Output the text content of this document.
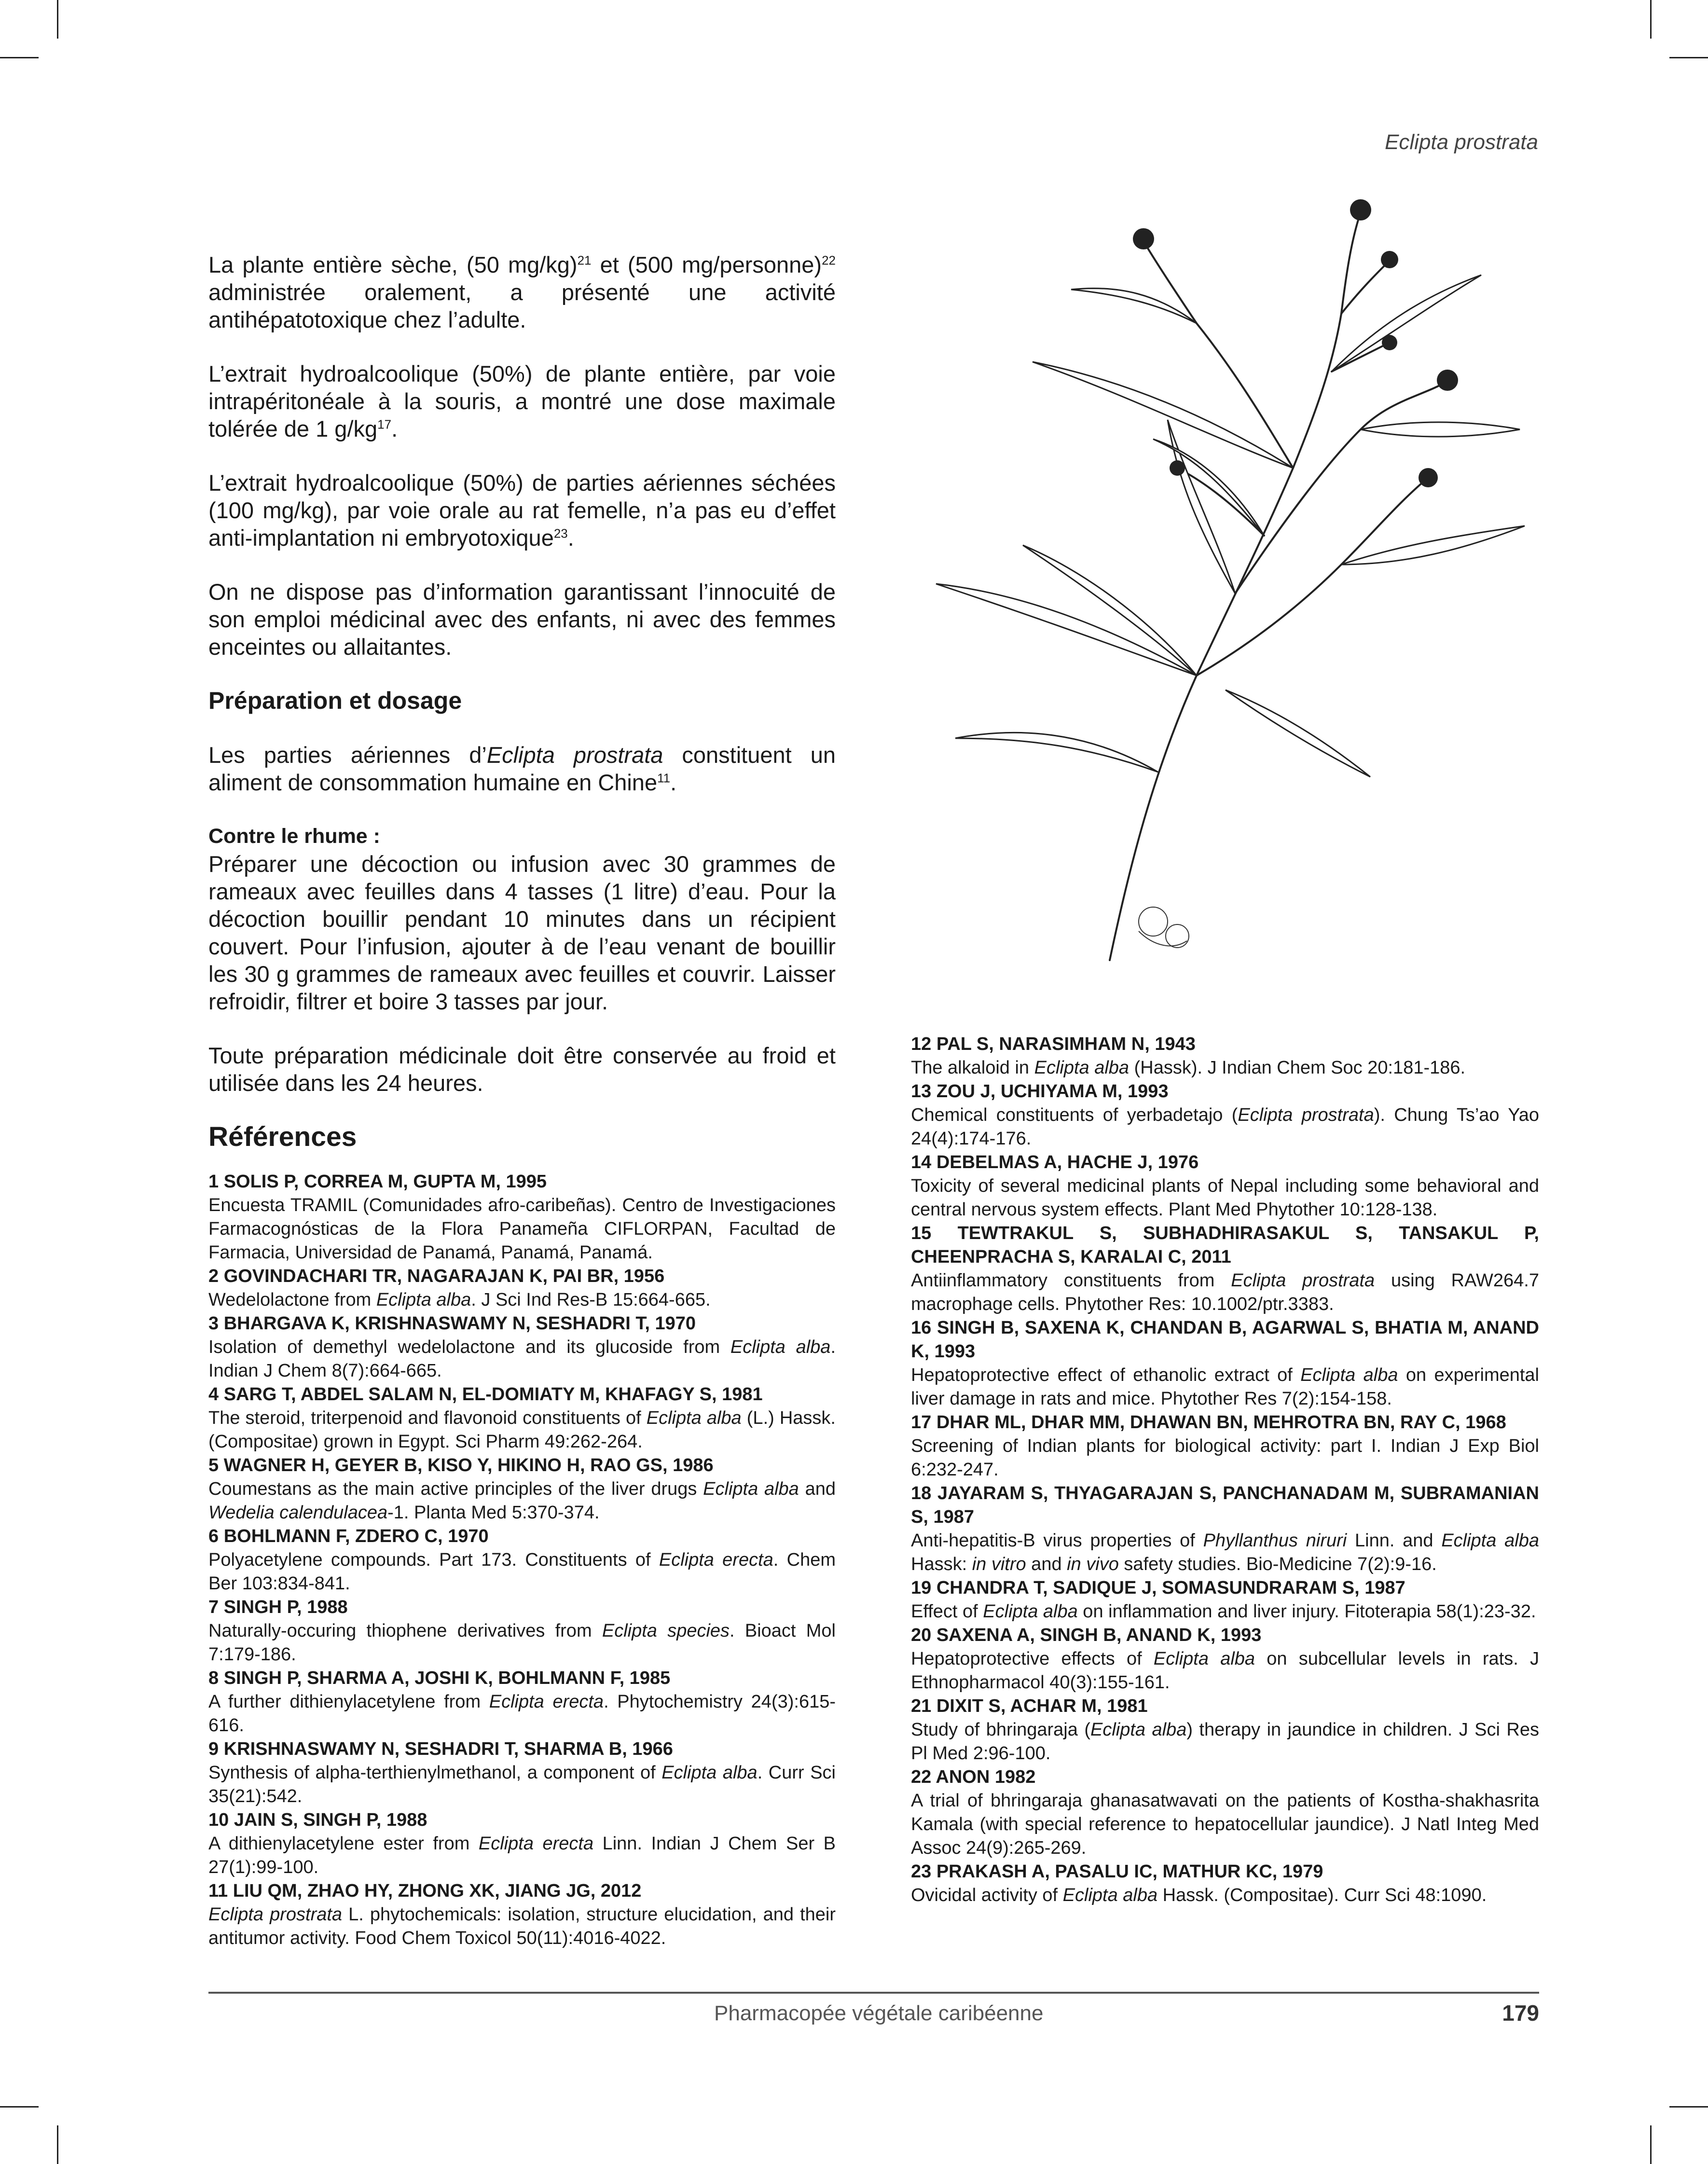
Eclipta prostrata

La plante entière sèche, (50 mg/kg)$^{21}$ et (500 mg/personne)$^{22}$ administrée oralement, a présenté une activité antihépatotoxique chez l’adulte.

L’extrait hydroalcoolique (50%) de plante entière, par voie intrapéritonéale à la souris, a montré une dose maximale tolérée de 1 $g/kg^{17}$.

L’extrait hydroalcoolique (50%) de parties aériennes séchées (100 mg/kg), par voie orale au rat femelle, n’a pas eu d’effet anti-implantation ni embryotoxique$^{23}$.

On ne dispose pas d’information garantissant l’innocuité de son emploi médicinal avec des enfants, ni avec des femmes enceintes ou allaitantes.

Préparation et dosage

Les parties aériennes d’Eclipta prostrata constituent un aliment de consommation humaine en Chine$^{11}$.

Contre le rhume :

Préparer une décoction ou infusion avec 30 grammes de rameaux avec feuilles dans 4 tasses (1 litre) d’eau. Pour la décoction bouillir pendant 10 minutes dans un récipient couvert. Pour l’infusion, ajouter à de l’eau venant de bouillir les 30 g grammes de rameaux avec feuilles et couvrir. Laisser refroidir, filtrer et boire 3 tasses par jour.

Toute préparation médicinale doit être conservée au froid et utilisée dans les 24 heures.

Références
1 SOLIS P, CORREA M, GUPTA M, 1995
Encuesta TRAMIL (Comunidades afro-caribeñas). Centro de Investigaciones Farmacognósticas de la Flora Panameña CIFLORPAN, Facultad de Farmacia, Universidad de Panamá, Panamá, Panamá.
2 GOVINDACHARI TR, NAGARAJAN K, PAI BR, 1956
Wedelolactone from Eclipta alba. J Sci Ind Res-B 15:664-665.
3 BHARGAVA K, KRISHNASWAMY N, SESHADRI T, 1970
Isolation of demethyl wedelolactone and its glucoside from Eclipta alba. Indian J Chem 8(7):664-665.
4 SARG T, ABDEL SALAM N, EL-DOMIATY M, KHAFAGY S, 1981
The steroid, triterpenoid and flavonoid constituents of Eclipta alba (L.) Hassk. (Compositae) grown in Egypt. Sci Pharm 49:262-264.
5 WAGNER H, GEYER B, KISO Y, HIKINO H, RAO GS, 1986
Coumestans as the main active principles of the liver drugs Eclipta alba and Wedelia calendulacea-1. Planta Med 5:370-374.
6 BOHLMANN F, ZDERO C, 1970
Polyacetylene compounds. Part 173. Constituents of Eclipta erecta. Chem Ber 103:834-841.
7 SINGH P, 1988
Naturally-occuring thiophene derivatives from Eclipta species. Bioact Mol 7:179-186.
8 SINGH P, SHARMA A, JOSHI K, BOHLMANN F, 1985
A further dithienylacetylene from Eclipta erecta. Phytochemistry 24(3):615-616.
9 KRISHNASWAMY N, SESHADRI T, SHARMA B, 1966
Synthesis of alpha-terthienylmethanol, a component of Eclipta alba. Curr Sci 35(21):542.
10 JAIN S, SINGH P, 1988
A dithienylacetylene ester from Eclipta erecta Linn. Indian J Chem Ser B 27(1):99-100.
11 LIU QM, ZHAO HY, ZHONG XK, JIANG JG, 2012
Eclipta prostrata L. phytochemicals: isolation, structure elucidation, and their antitumor activity. Food Chem Toxicol 50(11):4016-4022.
12 PAL S, NARASIMHAM N, 1943
The alkaloid in Eclipta alba (Hassk). J Indian Chem Soc 20:181-186.
13 ZOU J, UCHIYAMA M, 1993
Chemical constituents of yerbadetajo (Eclipta prostrata). Chung Ts’ao Yao 24(4):174-176.
14 DEBELMAS A, HACHE J, 1976
Toxicity of several medicinal plants of Nepal including some behavioral and central nervous system effects. Plant Med Phytother 10:128-138.
15 TEWTRAKUL S, SUBHADHIRASAKUL S, TANSAKUL P, CHEENPRACHA S, KARALAI C, 2011
Antiinflammatory constituents from Eclipta prostrata using RAW264.7 macrophage cells. Phytother Res: 10.1002/ptr.3383.
16 SINGH B, SAXENA K, CHANDAN B, AGARWAL S, BHATIA M, ANAND K, 1993
Hepatoprotective effect of ethanolic extract of Eclipta alba on experimental liver damage in rats and mice. Phytother Res 7(2):154-158.
17 DHAR ML, DHAR MM, DHAWAN BN, MEHROTRA BN, RAY C, 1968
Screening of Indian plants for biological activity: part I. Indian J Exp Biol 6:232-247.
18 JAYARAM S, THYAGARAJAN S, PANCHANADAM M, SUBRAMANIAN S, 1987
Anti-hepatitis-B virus properties of Phyllanthus niruri Linn. and Eclipta alba Hassk: in vitro and in vivo safety studies. Bio-Medicine 7(2):9-16.
19 CHANDRA T, SADIQUE J, SOMASUNDRARAM S, 1987
Effect of Eclipta alba on inflammation and liver injury. Fitoterapia 58(1):23-32.
20 SAXENA A, SINGH B, ANAND K, 1993
Hepatoprotective effects of Eclipta alba on subcellular levels in rats. J Ethnopharmacol 40(3):155-161.
21 DIXIT S, ACHAR M, 1981
Study of bhringaraja (Eclipta alba) therapy in jaundice in children. J Sci Res Pl Med 2:96-100.
22 ANON 1982
A trial of bhringaraja ghanasatwavati on the patients of Kostha-shakhasrita Kamala (with special reference to hepatocellular jaundice). J Natl Integ Med Assoc 24(9):265-269.
23 PRAKASH A, PASALU IC, MATHUR KC, 1979
Ovicidal activity of Eclipta alba Hassk. (Compositae). Curr Sci 48:1090.
Pharmacopée végétale caribéenne	179
